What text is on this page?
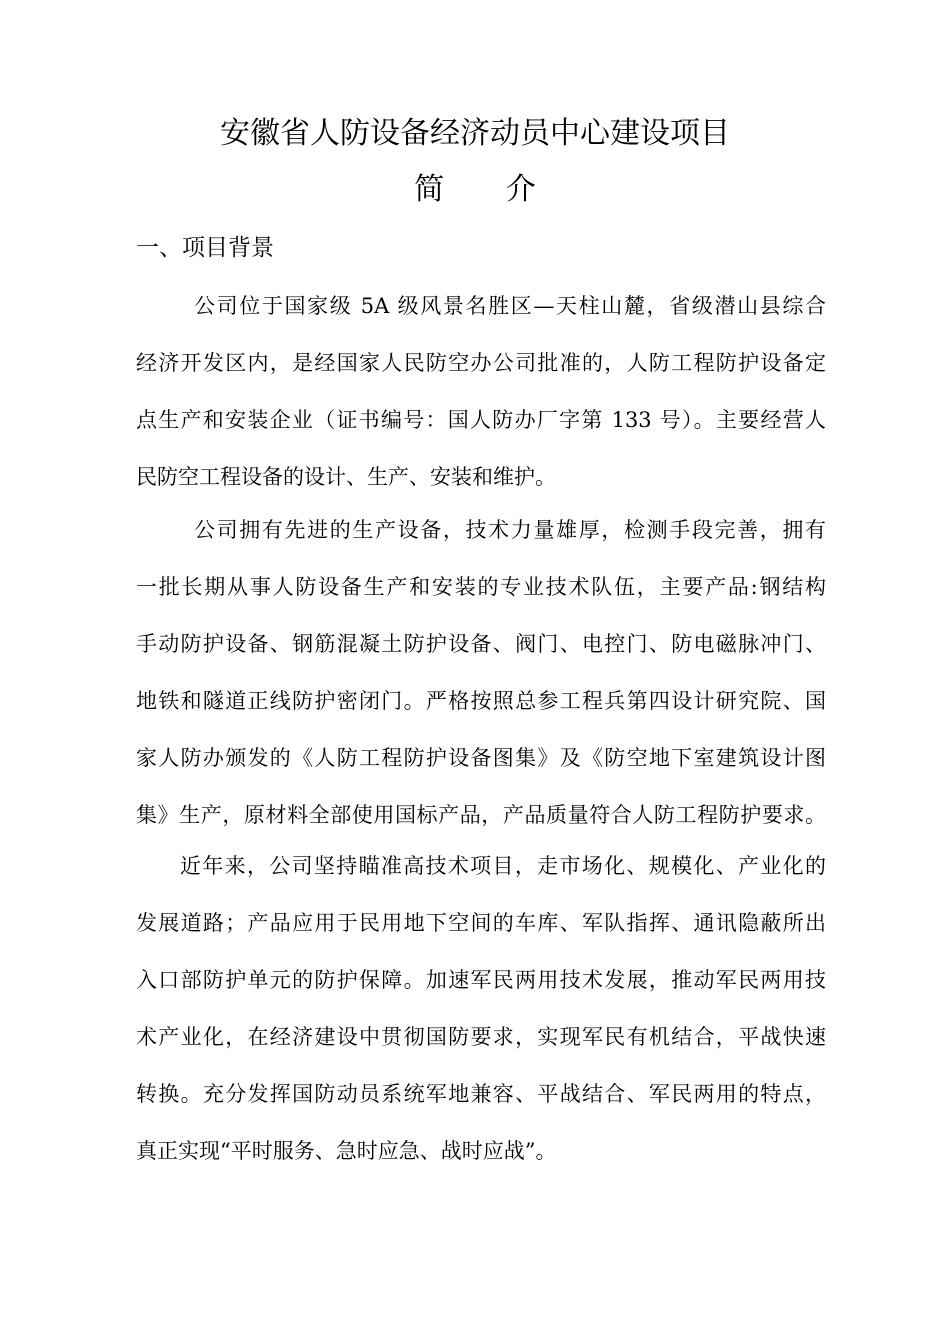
安徽省人防设备经济动员中心建设项目
简 介
一、项目背景
公司位于国家级 5A 级风景名胜区—天柱山麓，省级潜山县综合
经济开发区内，是经国家人民防空办公司批准的，人防工程防护设备定
点生产和安装企业（证书编号：国人防办厂字第 133 号）。主要经营人
民防空工程设备的设计、生产、安装和维护。
公司拥有先进的生产设备，技术力量雄厚，检测手段完善，拥有
一批长期从事人防设备生产和安装的专业技术队伍，主要产品:钢结构
手动防护设备、钢筋混凝土防护设备、阀门、电控门、防电磁脉冲门、
地铁和隧道正线防护密闭门。严格按照总参工程兵第四设计研究院、国
家人防办颁发的《人防工程防护设备图集》及《防空地下室建筑设计图
集》生产，原材料全部使用国标产品，产品质量符合人防工程防护要求。
近年来，公司坚持瞄准高技术项目，走市场化、规模化、产业化的
发展道路；产品应用于民用地下空间的车库、军队指挥、通讯隐蔽所出
入口部防护单元的防护保障。加速军民两用技术发展，推动军民两用技
术产业化，在经济建设中贯彻国防要求，实现军民有机结合，平战快速
转换。充分发挥国防动员系统军地兼容、平战结合、军民两用的特点，
真正实现“平时服务、急时应急、战时应战”。
